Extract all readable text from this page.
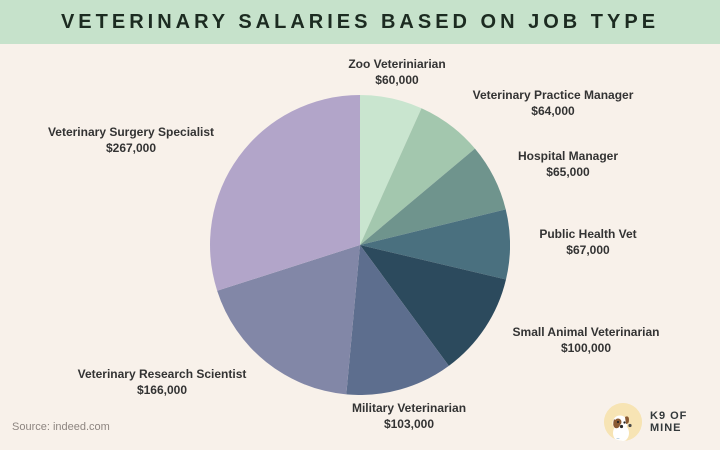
VETERINARY SALARIES BASED ON JOB TYPE
Zoo Veteriniarian
$60,000
Veterinary Practice Manager
$64,000
Hospital Manager
$65,000
Public Health Vet
$67,000
Small Animal Veterinarian
$100,000
Military Veterinarian
$103,000
Veterinary Research Scientist
$166,000
Veterinary Surgery Specialist
$267,000
Source: indeed.com
K9 OF MINE
